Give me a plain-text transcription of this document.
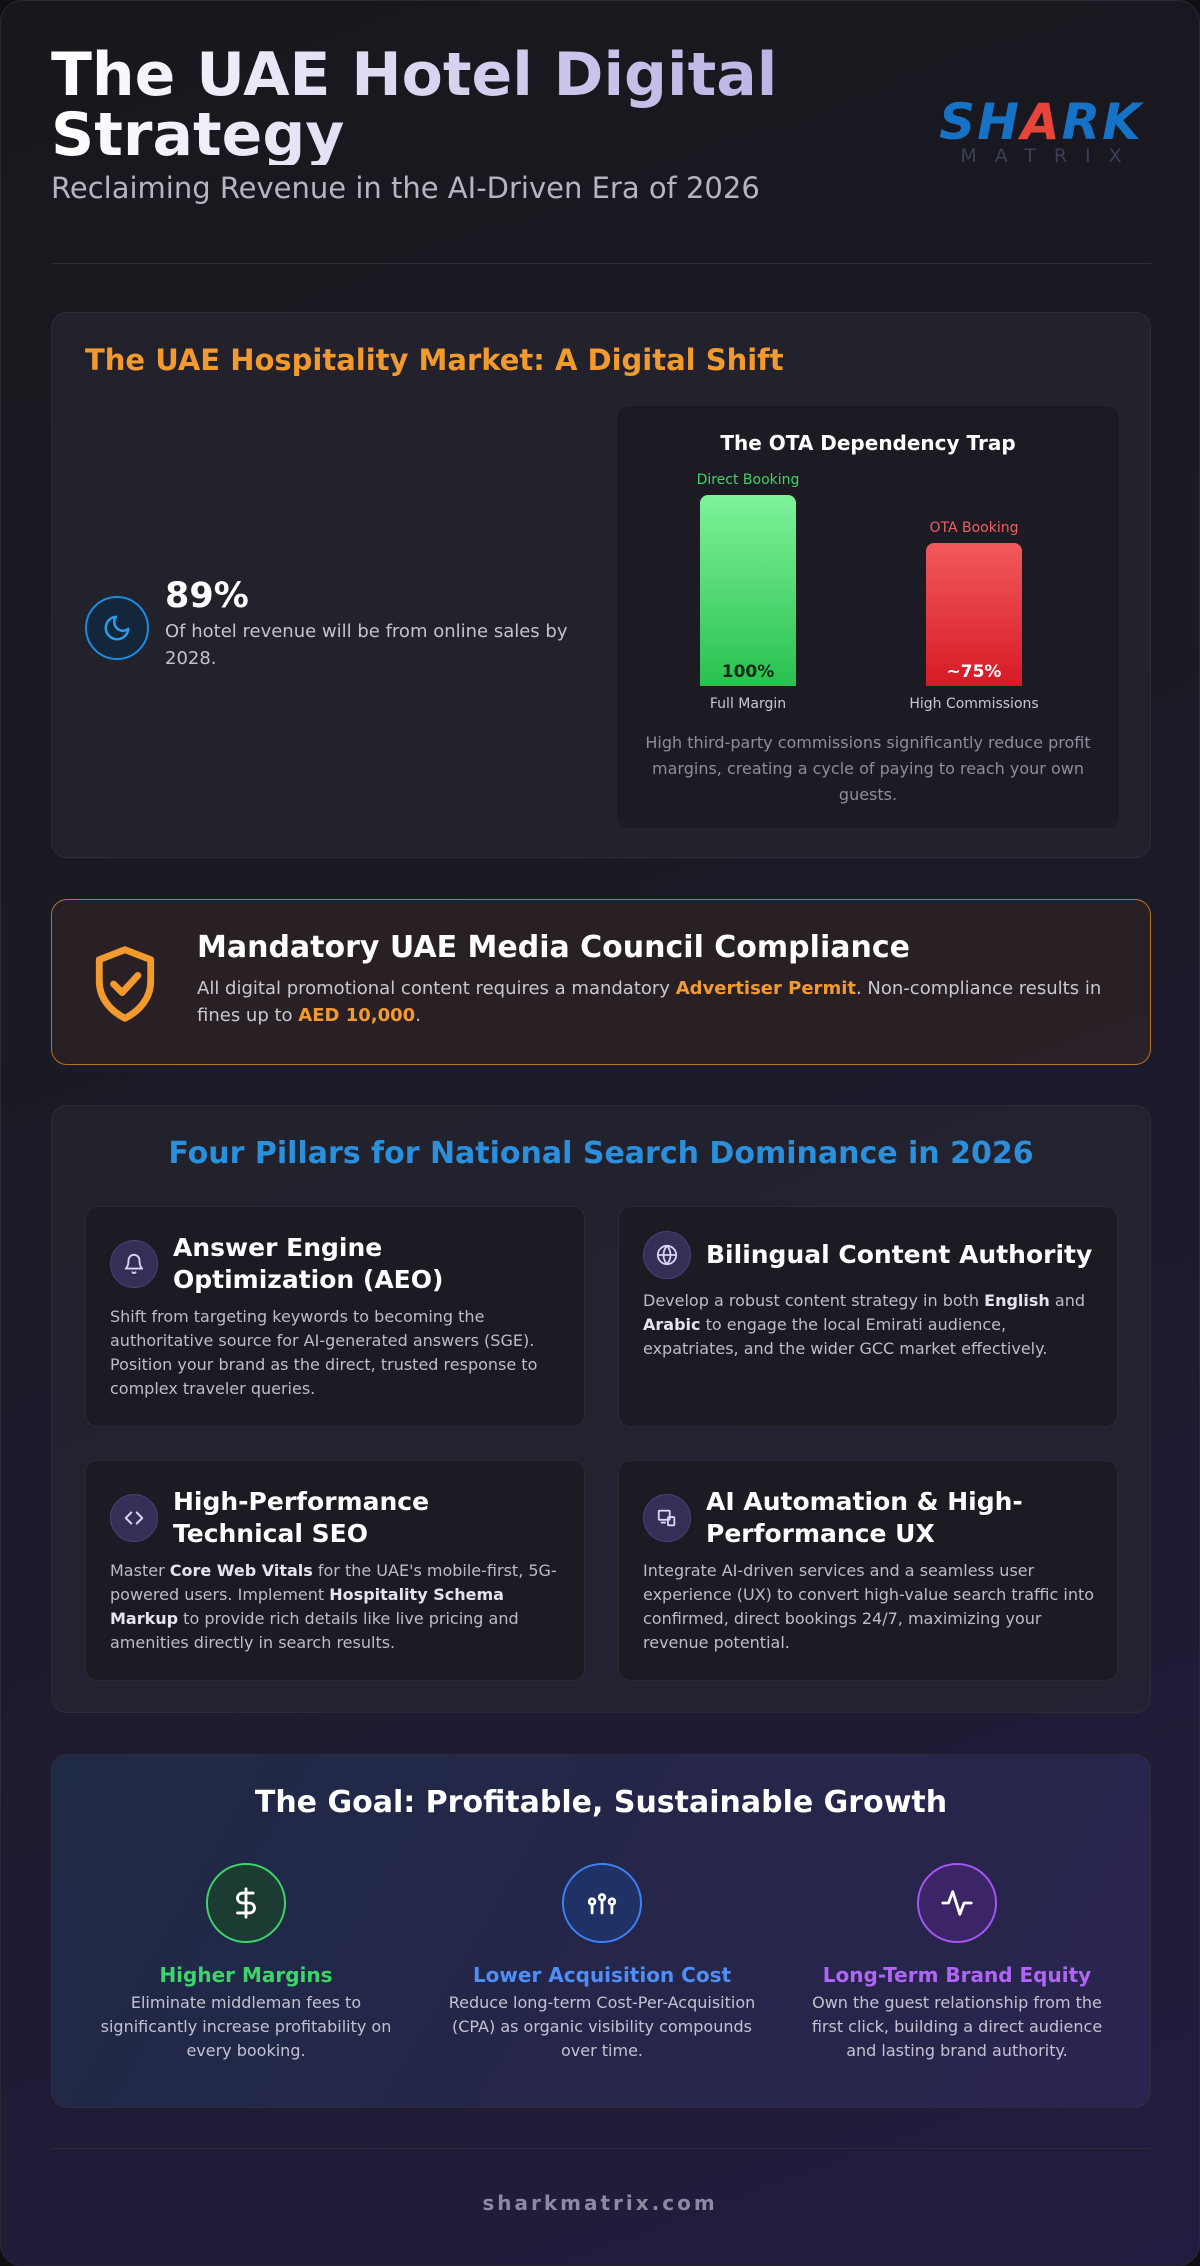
The UAE Hotel Digital Strategy
Reclaiming Revenue in the AI-Driven Era of 2026
SHARK
MATRIX
The UAE Hospitality Market: A Digital Shift
89%
Of hotel revenue will be from online sales by 2028.
The OTA Dependency Trap
Direct Booking
100%
Full Margin
OTA Booking
~75%
High Commissions
High third-party commissions significantly reduce profit margins, creating a cycle of paying to reach your own guests.
Mandatory UAE Media Council Compliance
All digital promotional content requires a mandatory Advertiser Permit. Non-compliance results in fines up to AED 10,000.
Four Pillars for National Search Dominance in 2026
Answer Engine Optimization (AEO)
Shift from targeting keywords to becoming the authoritative source for AI-generated answers (SGE). Position your brand as the direct, trusted response to complex traveler queries.
Bilingual Content Authority
Develop a robust content strategy in both English and Arabic to engage the local Emirati audience, expatriates, and the wider GCC market effectively.
High-Performance Technical SEO
Master Core Web Vitals for the UAE's mobile-first, 5G-powered users. Implement Hospitality Schema Markup to provide rich details like live pricing and amenities directly in search results.
AI Automation & High-Performance UX
Integrate AI-driven services and a seamless user experience (UX) to convert high-value search traffic into confirmed, direct bookings 24/7, maximizing your revenue potential.
The Goal: Profitable, Sustainable Growth
Higher Margins
Eliminate middleman fees to significantly increase profitability on every booking.
Lower Acquisition Cost
Reduce long-term Cost-Per-Acquisition (CPA) as organic visibility compounds over time.
Long-Term Brand Equity
Own the guest relationship from the first click, building a direct audience and lasting brand authority.
sharkmatrix.com
